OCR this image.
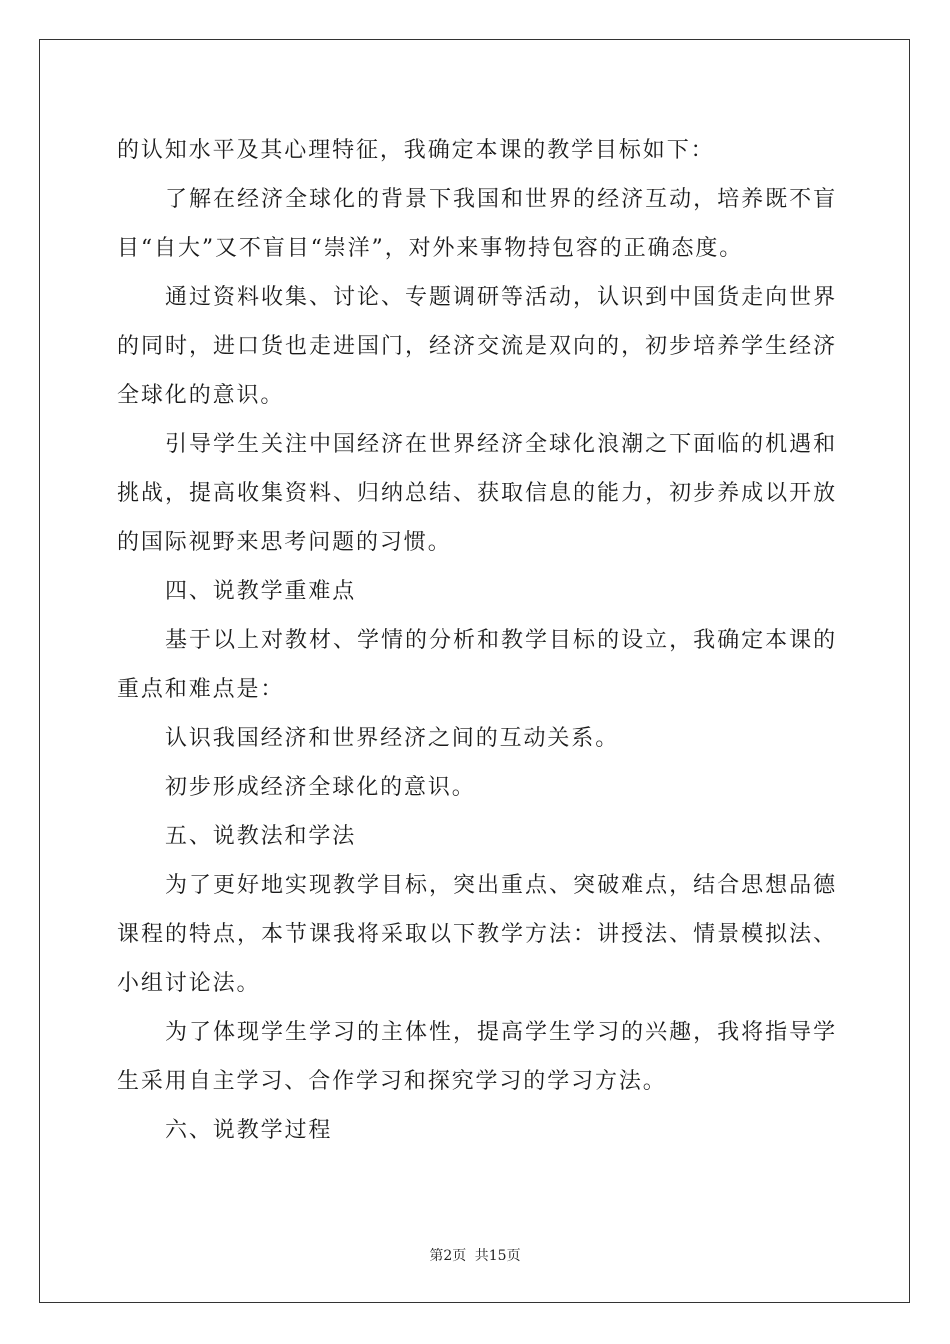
的认知水平及其心理特征，我确定本课的教学目标如下：

了解在经济全球化的背景下我国和世界的经济互动，培养既不盲目“自大”又不盲目“崇洋”，对外来事物持包容的正确态度。

通过资料收集、讨论、专题调研等活动，认识到中国货走向世界的同时，进口货也走进国门，经济交流是双向的，初步培养学生经济全球化的意识。

引导学生关注中国经济在世界经济全球化浪潮之下面临的机遇和挑战，提高收集资料、归纳总结、获取信息的能力，初步养成以开放的国际视野来思考问题的习惯。

四、说教学重难点

基于以上对教材、学情的分析和教学目标的设立，我确定本课的重点和难点是：

认识我国经济和世界经济之间的互动关系。

初步形成经济全球化的意识。

五、说教法和学法

为了更好地实现教学目标，突出重点、突破难点，结合思想品德课程的特点，本节课我将采取以下教学方法：讲授法、情景模拟法、小组讨论法。

为了体现学生学习的主体性，提高学生学习的兴趣，我将指导学生采用自主学习、合作学习和探究学习的学习方法。

六、说教学过程

第2页 共15页
